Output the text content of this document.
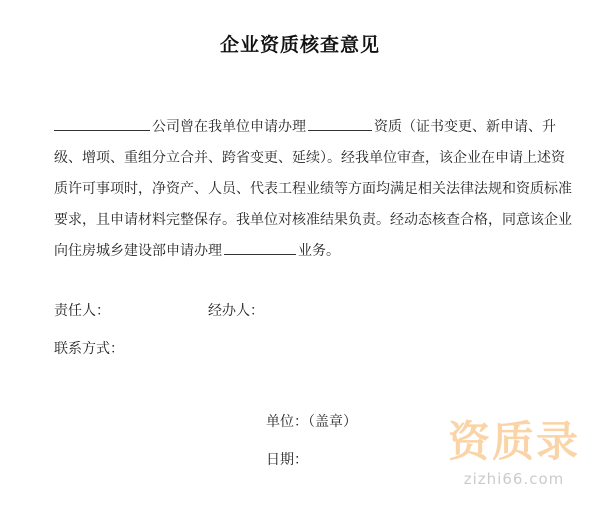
企业资质核查意见
公司曾在我单位申请办理	资质（证书变更、新申请、升
级、增项、重组分立合并、跨省变更、延续）。经我单位审查，该企业在申请上述资
质许可事项时，净资产、人员、代表工程业绩等方面均满足相关法律法规和资质标准
要求，且申请材料完整保存。我单位对核准结果负责。经动态核查合格，同意该企业
向住房城乡建设部申请办理	业务。
责任人：	经办人：
联系方式：
单位：（盖章）
日期：	资质录
zizhi66.com
